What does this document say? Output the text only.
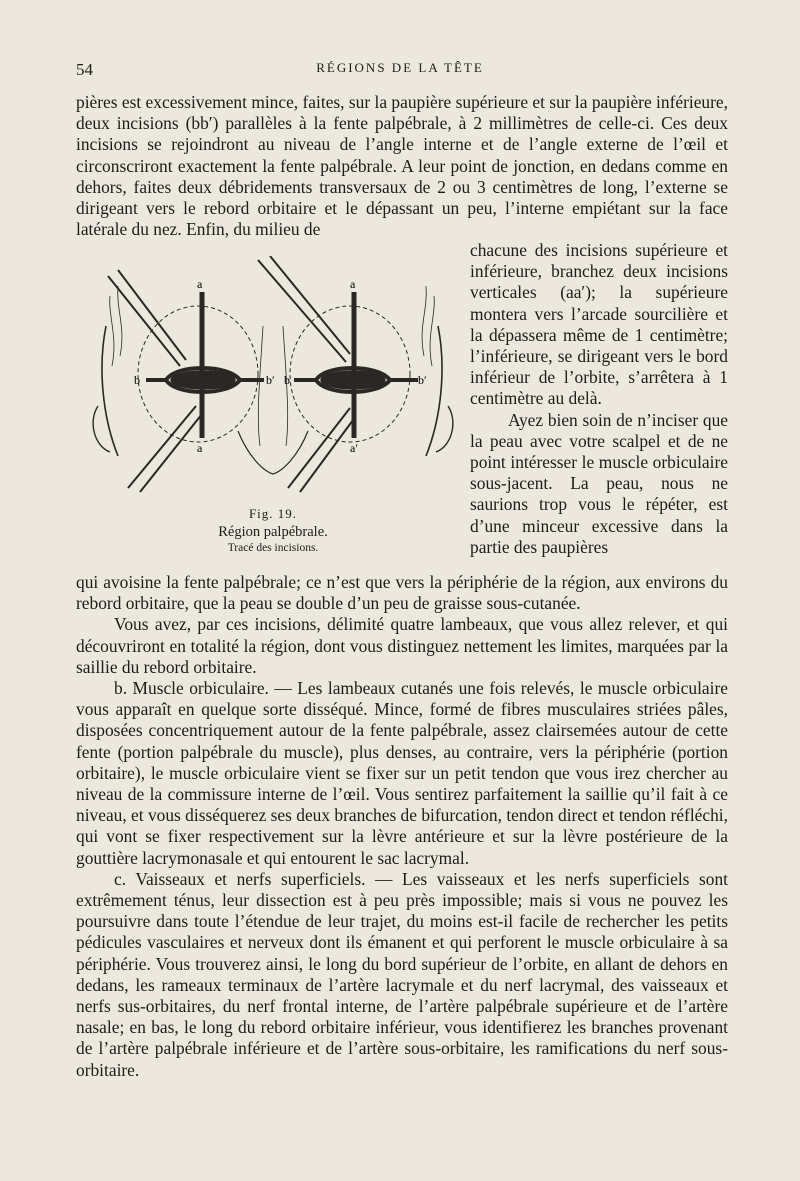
54	RÉGIONS DE LA TÊTE

pières est excessivement mince, faites, sur la paupière supérieure et sur la paupière inférieure, deux incisions (bb′) parallèles à la fente palpébrale, à 2 millimètres de celle-ci. Ces deux incisions se rejoindront au niveau de l’angle interne et de l’angle externe de l’œil et circonscriront exactement la fente palpébrale. A leur point de jonction, en dedans comme en dehors, faites deux débridements transversaux de 2 ou 3 centimètres de long, l’externe se dirigeant vers le rebord orbitaire et le dépassant un peu, l’interne empiétant sur la face latérale du nez. Enfin, du milieu de

a
a
b	b′
a
a′
b	b′
Fig. 19.
Région palpébrale.
Tracé des incisions.

chacune des incisions supérieure et inférieure, branchez deux incisions verticales (aa′); la supérieure montera vers l’arcade sourcilière et la dépassera même de 1 centimètre; l’inférieure, se dirigeant vers le bord inférieur de l’orbite, s’arrêtera à 1 centimètre au delà.

Ayez bien soin de n’inciser que la peau avec votre scalpel et de ne point intéresser le muscle orbiculaire sous-jacent. La peau, nous ne saurions trop vous le répéter, est d’une minceur excessive dans la partie des paupières

qui avoisine la fente palpébrale; ce n’est que vers la périphérie de la région, aux environs du rebord orbitaire, que la peau se double d’un peu de graisse sous-cutanée.

Vous avez, par ces incisions, délimité quatre lambeaux, que vous allez relever, et qui découvriront en totalité la région, dont vous distinguez nettement les limites, marquées par la saillie du rebord orbitaire.

b. Muscle orbiculaire. — Les lambeaux cutanés une fois relevés, le muscle orbiculaire vous apparaît en quelque sorte disséqué. Mince, formé de fibres musculaires striées pâles, disposées concentriquement autour de la fente palpébrale, assez clairsemées autour de cette fente (portion palpébrale du muscle), plus denses, au contraire, vers la périphérie (portion orbitaire), le muscle orbiculaire vient se fixer sur un petit tendon que vous irez chercher au niveau de la commissure interne de l’œil. Vous sentirez parfaitement la saillie qu’il fait à ce niveau, et vous disséquerez ses deux branches de bifurcation, tendon direct et tendon réfléchi, qui vont se fixer respectivement sur la lèvre antérieure et sur la lèvre postérieure de la gouttière lacrymonasale et qui entourent le sac lacrymal.

c. Vaisseaux et nerfs superficiels. — Les vaisseaux et les nerfs superficiels sont extrêmement ténus, leur dissection est à peu près impossible; mais si vous ne pouvez les poursuivre dans toute l’étendue de leur trajet, du moins est-il facile de rechercher les petits pédicules vasculaires et nerveux dont ils émanent et qui perforent le muscle orbiculaire à sa périphérie. Vous trouverez ainsi, le long du bord supérieur de l’orbite, en allant de dehors en dedans, les rameaux terminaux de l’artère lacrymale et du nerf lacrymal, des vaisseaux et nerfs sus-orbitaires, du nerf frontal interne, de l’artère palpébrale supérieure et de l’artère nasale; en bas, le long du rebord orbitaire inférieur, vous identifierez les branches provenant de l’artère palpébrale inférieure et de l’artère sous-orbitaire, les ramifications du nerf sous-orbitaire.
